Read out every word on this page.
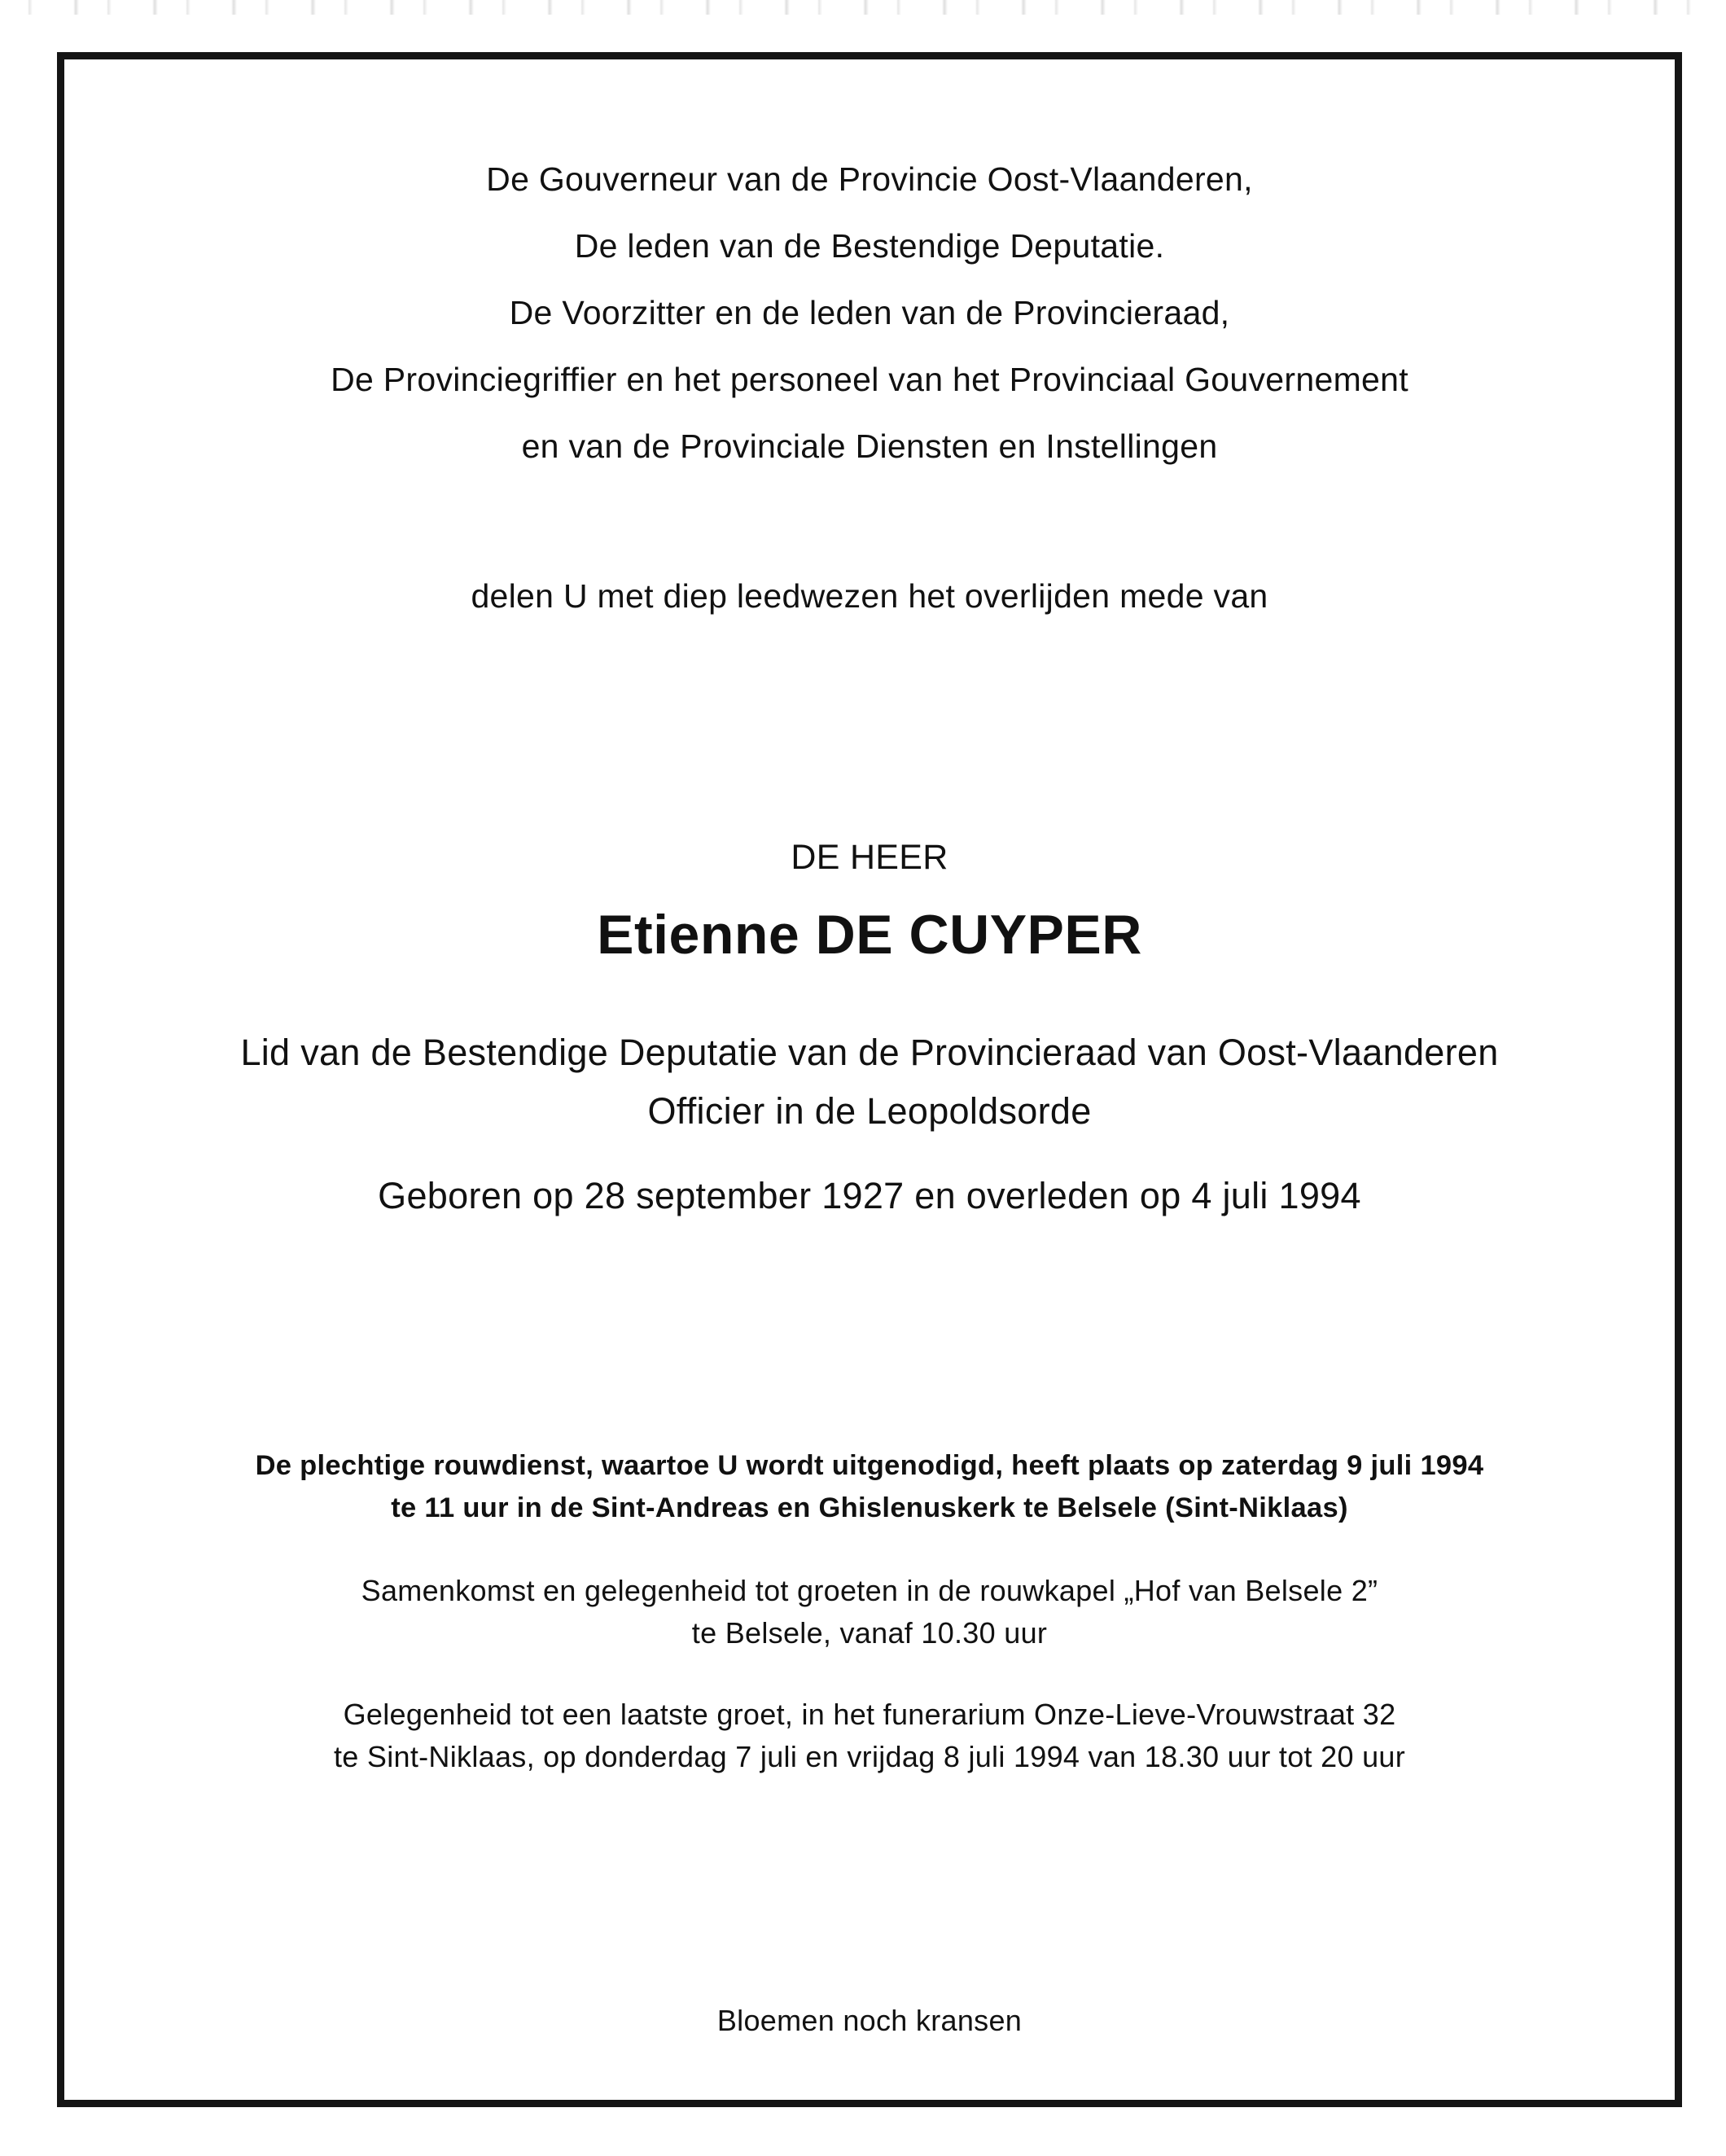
De Gouverneur van de Provincie Oost-Vlaanderen,
De leden van de Bestendige Deputatie.
De Voorzitter en de leden van de Provincieraad,
De Provinciegriffier en het personeel van het Provinciaal Gouvernement
en van de Provinciale Diensten en Instellingen
delen U met diep leedwezen het overlijden mede van
DE HEER
Etienne DE CUYPER
Lid van de Bestendige Deputatie van de Provincieraad van Oost-Vlaanderen
Officier in de Leopoldsorde
Geboren op 28 september 1927 en overleden op 4 juli 1994
De plechtige rouwdienst, waartoe U wordt uitgenodigd, heeft plaats op zaterdag 9 juli 1994
te 11 uur in de Sint-Andreas en Ghislenuskerk te Belsele (Sint-Niklaas)
Samenkomst en gelegenheid tot groeten in de rouwkapel „Hof van Belsele 2”
te Belsele, vanaf 10.30 uur
Gelegenheid tot een laatste groet, in het funerarium Onze-Lieve-Vrouwstraat 32
te Sint-Niklaas, op donderdag 7 juli en vrijdag 8 juli 1994 van 18.30 uur tot 20 uur
Bloemen noch kransen
